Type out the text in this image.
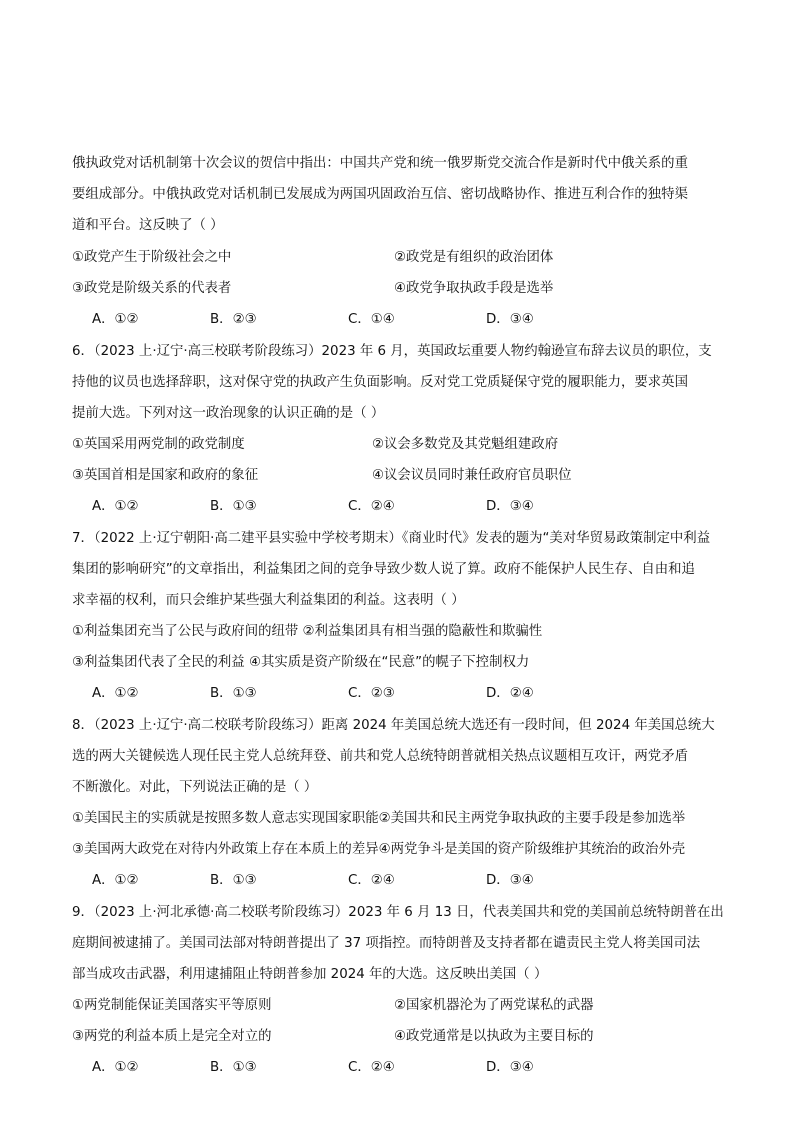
俄执政党对话机制第十次会议的贺信中指出：中国共产党和统一俄罗斯党交流合作是新时代中俄关系的重
要组成部分。中俄执政党对话机制已发展成为两国巩固政治互信、密切战略协作、推进互利合作的独特渠
道和平台。这反映了（ ）
①政党产生于阶级社会之中	②政党是有组织的政治团体
③政党是阶级关系的代表者	④政党争取执政手段是选举
A．①②	B．②③	C．①④	D．③④
6．（2023 上·辽宁·高三校联考阶段练习）2023 年 6 月，英国政坛重要人物约翰逊宣布辞去议员的职位，支
持他的议员也选择辞职，这对保守党的执政产生负面影响。反对党工党质疑保守党的履职能力，要求英国
提前大选。下列对这一政治现象的认识正确的是（ ）
①英国采用两党制的政党制度	②议会多数党及其党魁组建政府
③英国首相是国家和政府的象征	④议会议员同时兼任政府官员职位
A．①②	B．①③	C．②④	D．③④
7．（2022 上·辽宁朝阳·高二建平县实验中学校考期末）《商业时代》发表的题为“美对华贸易政策制定中利益
集团的影响研究”的文章指出，利益集团之间的竞争导致少数人说了算。政府不能保护人民生存、自由和追
求幸福的权利，而只会维护某些强大利益集团的利益。这表明（ ）
①利益集团充当了公民与政府间的纽带 ②利益集团具有相当强的隐蔽性和欺骗性
③利益集团代表了全民的利益 ④其实质是资产阶级在“民意”的幌子下控制权力
A．①②	B．①③	C．②③	D．②④
8．（2023 上·辽宁·高二校联考阶段练习）距离 2024 年美国总统大选还有一段时间，但 2024 年美国总统大
选的两大关键候选人现任民主党人总统拜登、前共和党人总统特朗普就相关热点议题相互攻讦，两党矛盾
不断激化。对此，下列说法正确的是（ ）
①美国民主的实质就是按照多数人意志实现国家职能②美国共和民主两党争取执政的主要手段是参加选举
③美国两大政党在对待内外政策上存在本质上的差异④两党争斗是美国的资产阶级维护其统治的政治外壳
A．①②	B．①③	C．②④	D．③④
9．（2023 上·河北承德·高二校联考阶段练习）2023 年 6 月 13 日，代表美国共和党的美国前总统特朗普在出
庭期间被逮捕了。美国司法部对特朗普提出了 37 项指控。而特朗普及支持者都在谴责民主党人将美国司法
部当成攻击武器，利用逮捕阻止特朗普参加 2024 年的大选。这反映出美国（ ）
①两党制能保证美国落实平等原则	②国家机器沦为了两党谋私的武器
③两党的利益本质上是完全对立的	④政党通常是以执政为主要目标的
A．①②	B．①③	C．②④	D．③④
